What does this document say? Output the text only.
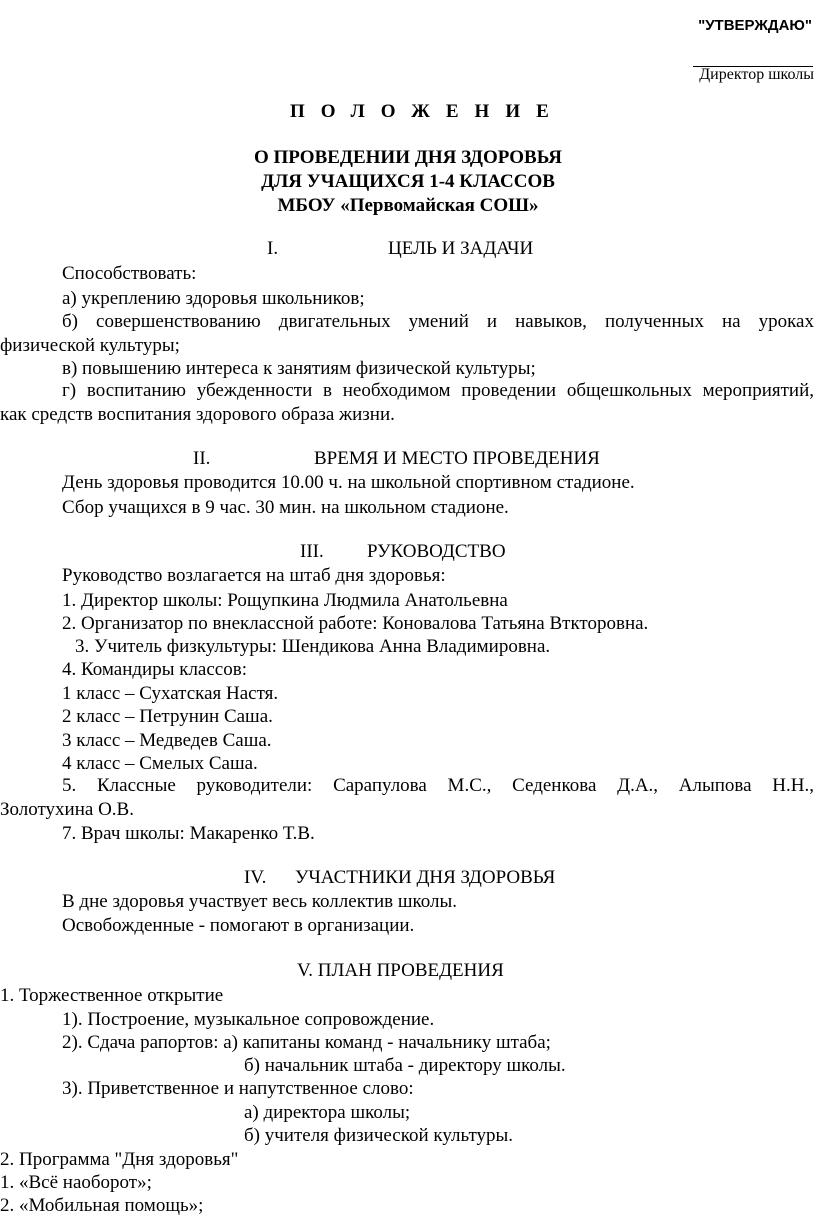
"УТВЕРЖДАЮ"
Директор школы
ПОЛОЖЕНИЕ
О ПРОВЕДЕНИИ ДНЯ ЗДОРОВЬЯ
ДЛЯ УЧАЩИХСЯ 1-4 КЛАССОВ
МБОУ «Первомайская СОШ»
I.	ЦЕЛЬ И ЗАДАЧИ
Способствовать:
а) укреплению здоровья школьников;
б) совершенствованию двигательных умений и навыков, полученных на уроках
физической культуры;
в) повышению интереса к занятиям физической культуры;
г) воспитанию убежденности в необходимом проведении общешкольных мероприятий,
как средств воспитания здорового образа жизни.
II.	ВРЕМЯ И МЕСТО ПРОВЕДЕНИЯ
День здоровья проводится 10.00 ч. на школьной спортивном стадионе.
Сбор учащихся в 9 час. 30 мин. на школьном стадионе.
III. РУКОВОДСТВО
Руководство возлагается на штаб дня здоровья:
1. Директор школы: Рощупкина Людмила Анатольевна
2. Организатор по внеклассной работе: Коновалова Татьяна Вткторовна.
3. Учитель физкультуры: Шендикова Анна Владимировна.
4. Командиры классов:
1 класс – Сухатская Настя.
2 класс – Петрунин Саша.
3 класс – Медведев Саша.
4 класс – Смелых Саша.
5. Классные руководители: Сарапулова М.С., Седенкова Д.А., Алыпова Н.Н.,
Золотухина О.В.
7. Врач школы: Макаренко Т.В.
IV. УЧАСТНИКИ ДНЯ ЗДОРОВЬЯ
В дне здоровья участвует весь коллектив школы.
Освобожденные - помогают в организации.
V. ПЛАН ПРОВЕДЕНИЯ
1. Торжественное открытие
1). Построение, музыкальное сопровождение.
2). Сдача рапортов: а) капитаны команд - начальнику штаба;
б) начальник штаба - директору школы.
3). Приветственное и напутственное слово:
а) директора школы;
б) учителя физической культуры.
2. Программа "Дня здоровья"
1. «Всё наоборот»;
2. «Мобильная помощь»;
